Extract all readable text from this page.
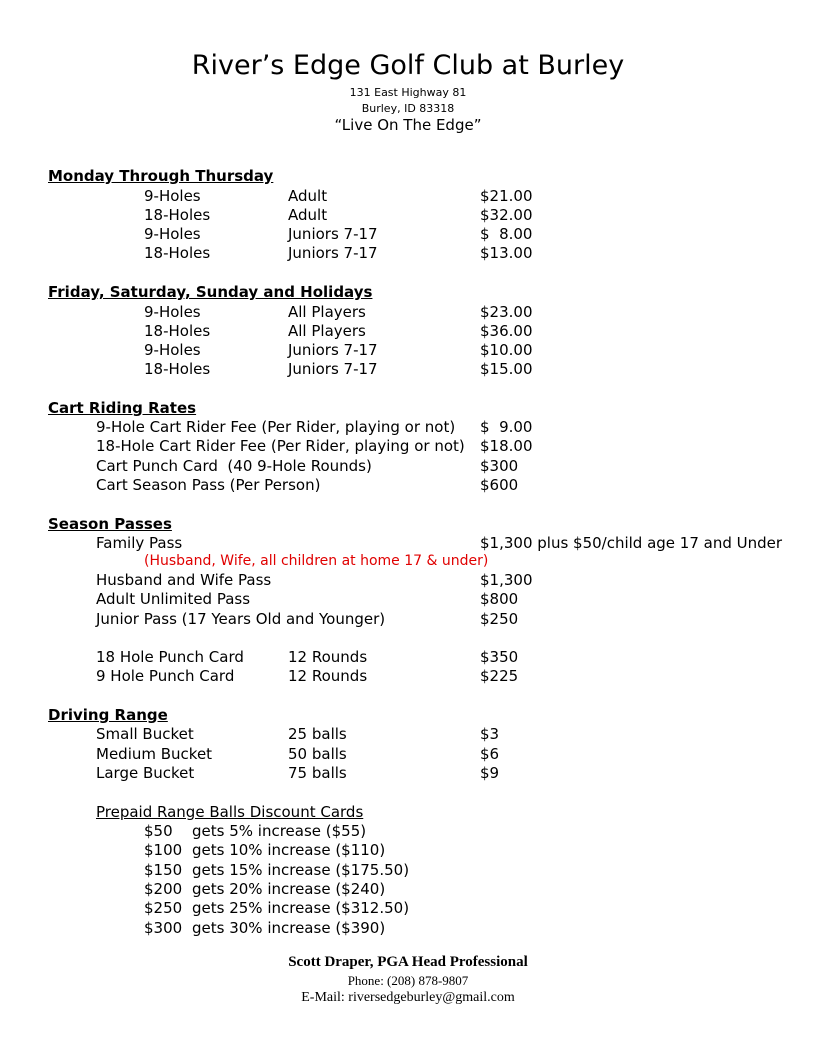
River’s Edge Golf Club at Burley
131 East Highway 81
Burley, ID 83318
“Live On The Edge”
Monday Through Thursday
9-Holes	Adult	$21.00
18-Holes	Adult	$32.00
9-Holes	Juniors 7-17	$  8.00
18-Holes	Juniors 7-17	$13.00
Friday, Saturday, Sunday and Holidays
9-Holes	All Players	$23.00
18-Holes	All Players	$36.00
9-Holes	Juniors 7-17	$10.00
18-Holes	Juniors 7-17	$15.00
Cart Riding Rates
9-Hole Cart Rider Fee (Per Rider, playing or not) $  9.00
18-Hole Cart Rider Fee (Per Rider, playing or not) $18.00
Cart Punch Card  (40 9-Hole Rounds)	$300
Cart Season Pass (Per Person)	$600
Season Passes
Family Pass	$1,300 plus $50/child age 17 and Under
(Husband, Wife, all children at home 17 & under)
Husband and Wife Pass	$1,300
Adult Unlimited Pass	$800
Junior Pass (17 Years Old and Younger)	$250
18 Hole Punch Card	12 Rounds	$350
9 Hole Punch Card	12 Rounds	$225
Driving Range
Small Bucket	25 balls	$3
Medium Bucket	50 balls	$6
Large Bucket	75 balls	$9
Prepaid Range Balls Discount Cards
$50 gets 5% increase ($55)
$100 gets 10% increase ($110)
$150 gets 15% increase ($175.50)
$200 gets 20% increase ($240)
$250 gets 25% increase ($312.50)
$300 gets 30% increase ($390)
Scott Draper, PGA Head Professional
Phone: (208) 878-9807
E-Mail: riversedgeburley@gmail.com
